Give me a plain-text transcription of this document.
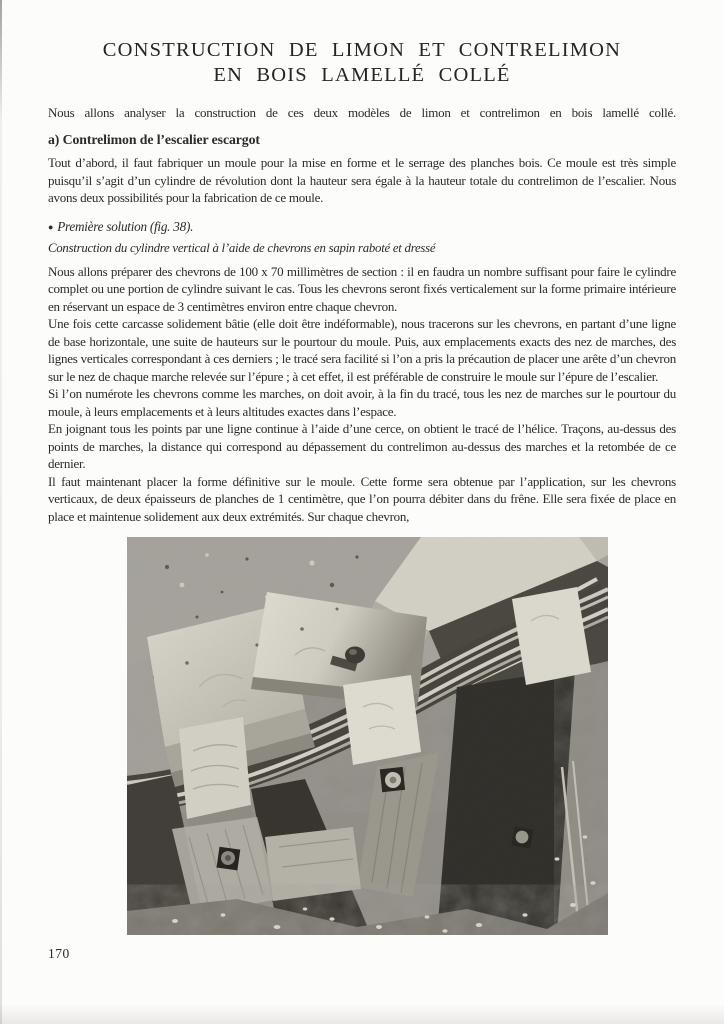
CONSTRUCTION DE LIMON ET CONTRELIMON
EN BOIS LAMELLÉ COLLÉ

Nous allons analyser la construction de ces deux modèles de limon et contrelimon en bois lamellé collé.

a) Contrelimon de l’escalier escargot

Tout d’abord, il faut fabriquer un moule pour la mise en forme et le serrage des planches bois. Ce moule est très simple puisqu’il s’agit d’un cylindre de révolution dont la hauteur sera égale à la hauteur totale du contrelimon de l’escalier. Nous avons deux possibilités pour la fabrication de ce moule.

● Première solution (fig. 38).

Construction du cylindre vertical à l’aide de chevrons en sapin raboté et dressé

Nous allons préparer des chevrons de 100 x 70 millimètres de section : il en faudra un nombre suffisant pour faire le cylindre complet ou une portion de cylindre suivant le cas. Tous les chevrons seront fixés verticalement sur la forme primaire intérieure en réservant un espace de 3 centimètres environ entre chaque chevron.

Une fois cette carcasse solidement bâtie (elle doit être indéformable), nous tracerons sur les chevrons, en partant d’une ligne de base horizontale, une suite de hauteurs sur le pourtour du moule. Puis, aux emplacements exacts des nez de marches, des lignes verticales correspondant à ces derniers ; le tracé sera facilité si l’on a pris la précaution de placer une arête d’un chevron sur le nez de chaque marche relevée sur l’épure ; à cet effet, il est préférable de construire le moule sur l’épure de l’escalier.

Si l’on numérote les chevrons comme les marches, on doit avoir, à la fin du tracé, tous les nez de marches sur le pourtour du moule, à leurs emplacements et à leurs altitudes exactes dans l’espace.

En joignant tous les points par une ligne continue à l’aide d’une cerce, on obtient le tracé de l’hélice. Traçons, au-dessus des points de marches, la distance qui correspond au dépassement du contrelimon au-dessus des marches et la retombée de ce dernier.

Il faut maintenant placer la forme définitive sur le moule. Cette forme sera obtenue par l’application, sur les chevrons verticaux, de deux épaisseurs de planches de 1 centimètre, que l’on pourra débiter dans du frêne. Elle sera fixée de place en place et maintenue solidement aux deux extrémités. Sur chaque chevron,

170
